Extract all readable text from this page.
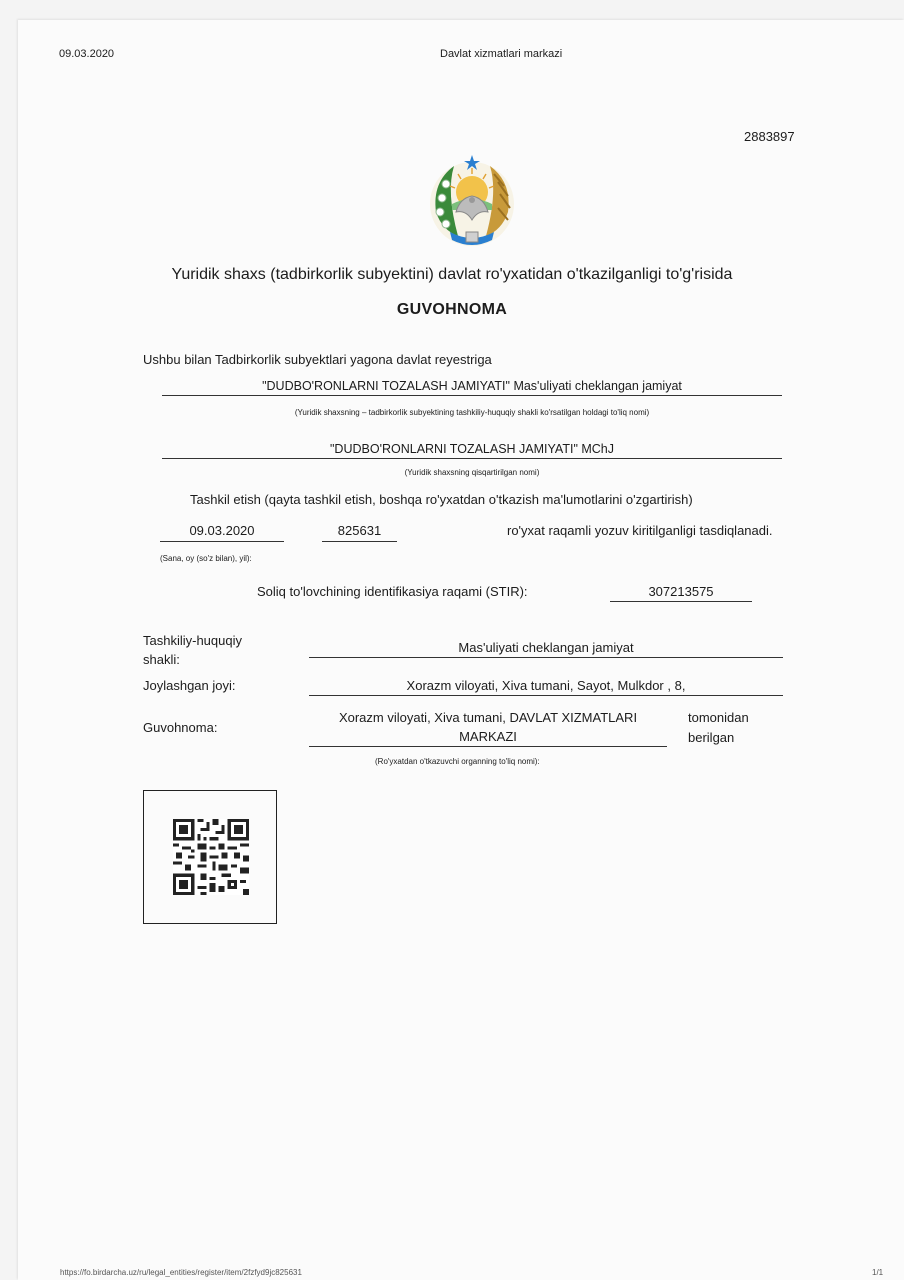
09.03.2020	Davlat xizmatlari markazi
2883897
Yuridik shaxs (tadbirkorlik subyektini) davlat ro'yxatidan o'tkazilganligi to'g'risida
GUVOHNOMA
Ushbu bilan Tadbirkorlik subyektlari yagona davlat reyestriga
"DUDBO'RONLARNI TOZALASH JAMIYATI" Mas'uliyati cheklangan jamiyat
(Yuridik shaxsning – tadbirkorlik subyektining tashkiliy-huquqiy shakli ko'rsatilgan holdagi to'liq nomi)
"DUDBO'RONLARNI TOZALASH JAMIYATI" MChJ
(Yuridik shaxsning qisqartirilgan nomi)
Tashkil etish (qayta tashkil etish, boshqa ro'yxatdan o'tkazish ma'lumotlarini o'zgartirish)
09.03.2020	825631	ro'yxat raqamli yozuv kiritilganligi tasdiqlanadi.
(Sana, oy (so'z bilan), yil):
Soliq to'lovchining identifikasiya raqami (STIR):	307213575
Tashkiliy-huquqiy
shakli:
Mas'uliyati cheklangan jamiyat
Joylashgan joyi:	Xorazm viloyati, Xiva tumani, Sayot, Mulkdor , 8,
Guvohnoma:
Xorazm viloyati, Xiva tumani, DAVLAT XIZMATLARI
MARKAZI
tomonidan
berilgan
(Ro'yxatdan o'tkazuvchi organning to'liq nomi):
https://fo.birdarcha.uz/ru/legal_entities/register/item/2fzfyd9jc825631	1/1
